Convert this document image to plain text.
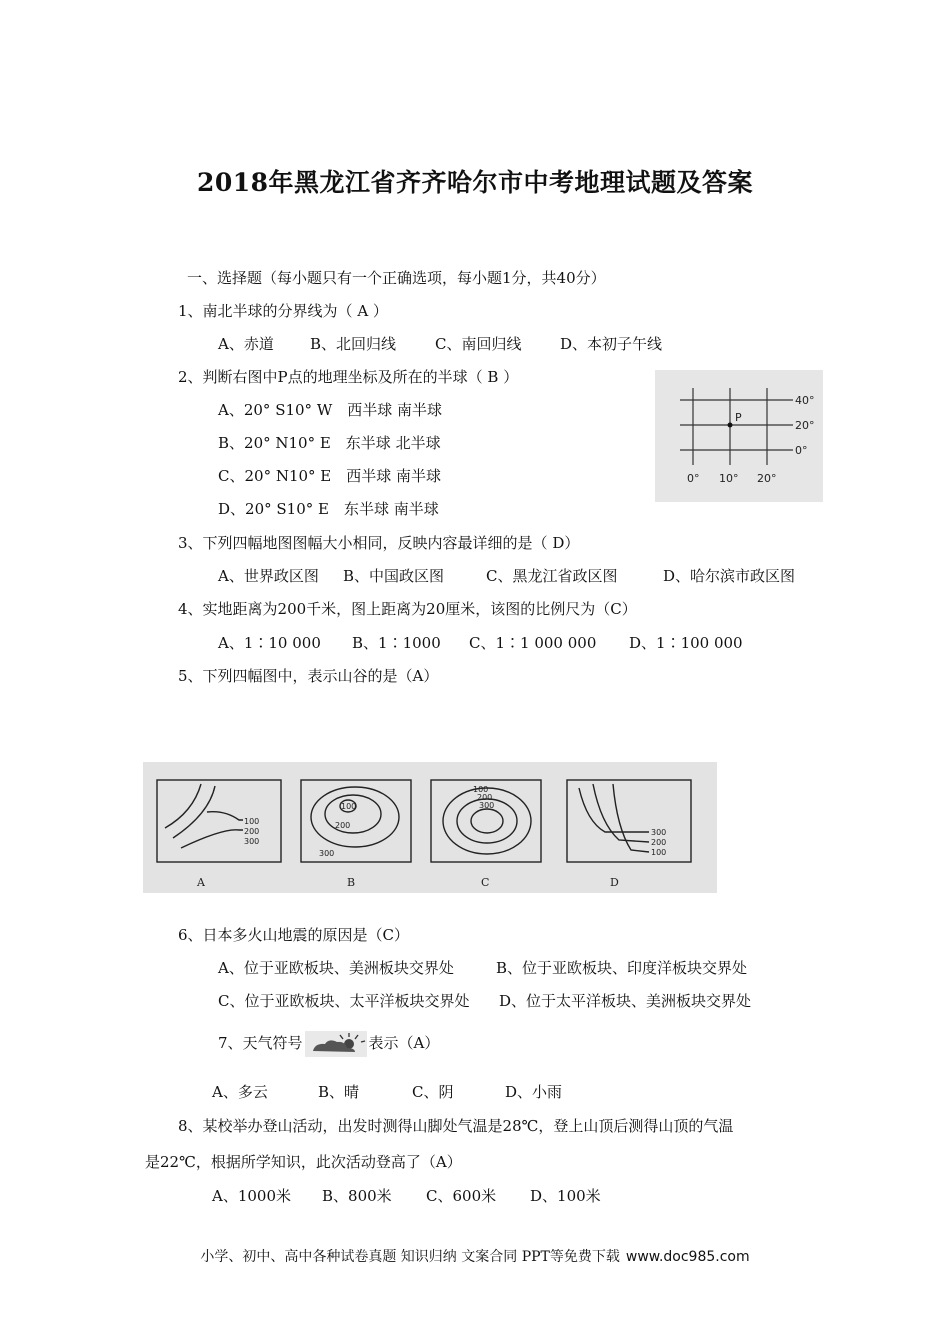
2018年黑龙江省齐齐哈尔市中考地理试题及答案
一、选择题（每小题只有一个正确选项，每小题1分，共40分）
1、南北半球的分界线为（ A ）
A、赤道 B、北回归线	C、南回归线	D、本初子午线
2、判断右图中P点的地理坐标及所在的半球（ B ）
A、20° S10° W　西半球 南半球
B、20° N10° E　东半球 北半球
C、20° N10° E　西半球 南半球
D、20° S10° E　东半球 南半球
P
40°
20°
0°
0° 10° 20°
3、下列四幅地图图幅大小相同，反映内容最详细的是（ D）
A、世界政区图 B、中国政区图	C、黑龙江省政区图	D、哈尔滨市政区图
4、实地距离为200千米，图上距离为20厘米，该图的比例尺为（C）
A、1∶10 000 B、1∶1000 C、1∶1 000 000 D、1∶100 000
5、下列四幅图中，表示山谷的是（A）
100
200
300
100
200
300
100
200
300
300
200
100
A	B	C	D
6、日本多火山地震的原因是（C）
A、位于亚欧板块、美洲板块交界处	B、位于亚欧板块、印度洋板块交界处
C、位于亚欧板块、太平洋板块交界处 D、位于太平洋板块、美洲板块交界处
7、天气符号	表示（A）
A、多云	B、晴	C、阴	D、小雨
8、某校举办登山活动，出发时测得山脚处气温是28℃，登上山顶后测得山顶的气温
是22℃，根据所学知识，此次活动登高了（A）
A、1000米 B、800米 C、600米 D、100米
小学、初中、高中各种试卷真题 知识归纳 文案合同 PPT等免费下载 www.doc985.com
